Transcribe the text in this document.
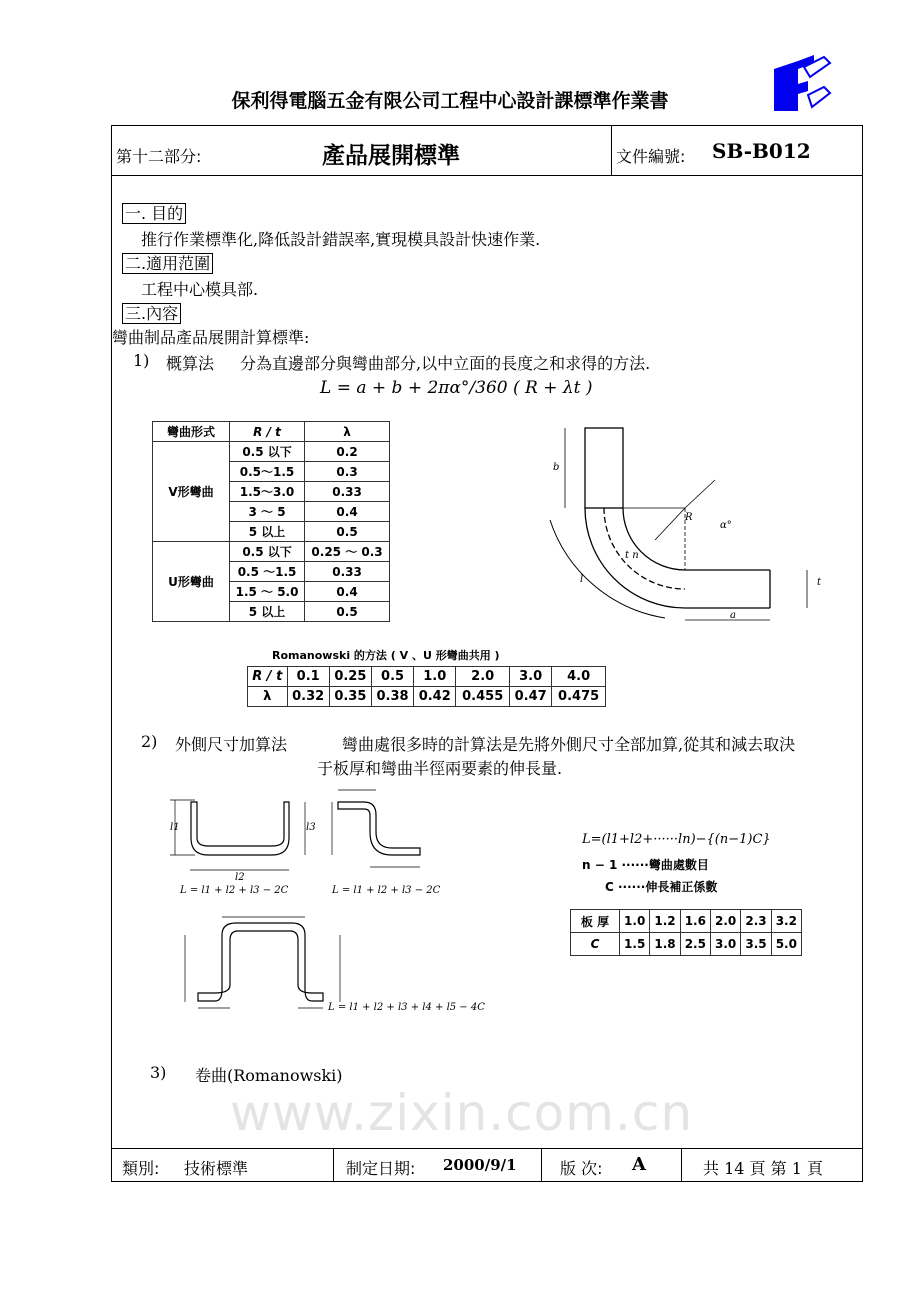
保利得電腦五金有限公司工程中心設計課標準作業書
第十二部分:	產品展開標準	文件編號: SB-B012
一. 目的
推行作業標準化,降低設計錯誤率,實現模具設計快速作業.
二.適用范圍
工程中心模具部.
三.內容
彎曲制品產品展開計算標準:
1) 概算法 分為直邊部分與彎曲部分,以中立面的長度之和求得的方法.
L = a + b + 2πα°/360 ( R + λt )
彎曲形式	R / t	λ
V形彎曲	0.5 以下	0.2
	0.5～1.5	0.3
	1.5～3.0	0.33
	3 ～ 5	0.4
	5 以上	0.5
U形彎曲	0.5 以下	0.25 ～ 0.3
	0.5 ～1.5	0.33
	1.5 ～ 5.0	0.4
	5 以上	0.5
b
R
α°
t n
l	t
a
Romanowski 的方法 ( V 、U 形彎曲共用 )
R / t	0.1	0.25	0.5	1.0	2.0	3.0	4.0
λ	0.32	0.35	0.38	0.42	0.455	0.47	0.475
2) 外側尺寸加算法	彎曲處很多時的計算法是先將外側尺寸全部加算,從其和減去取決
于板厚和彎曲半徑兩要素的伸長量.
l1
l2
l3
L = l1 + l2 + l3 − 2C	L = l1 + l2 + l3 − 2C
L = l1 + l2 + l3 + l4 + l5 − 4C
L=(l1+l2+······ln)−{(n−1)C}
n − 1 ······彎曲處數目
C ······伸長補正係數
板 厚	1.0	1.2	1.6	2.0	2.3	3.2
C	1.5	1.8	2.5	3.0	3.5	5.0
3) 卷曲(Romanowski)
www.zixin.com.cn
類別: 技術標準	制定日期: 2000/9/1	版 次: A	共 14 頁 第 1 頁
